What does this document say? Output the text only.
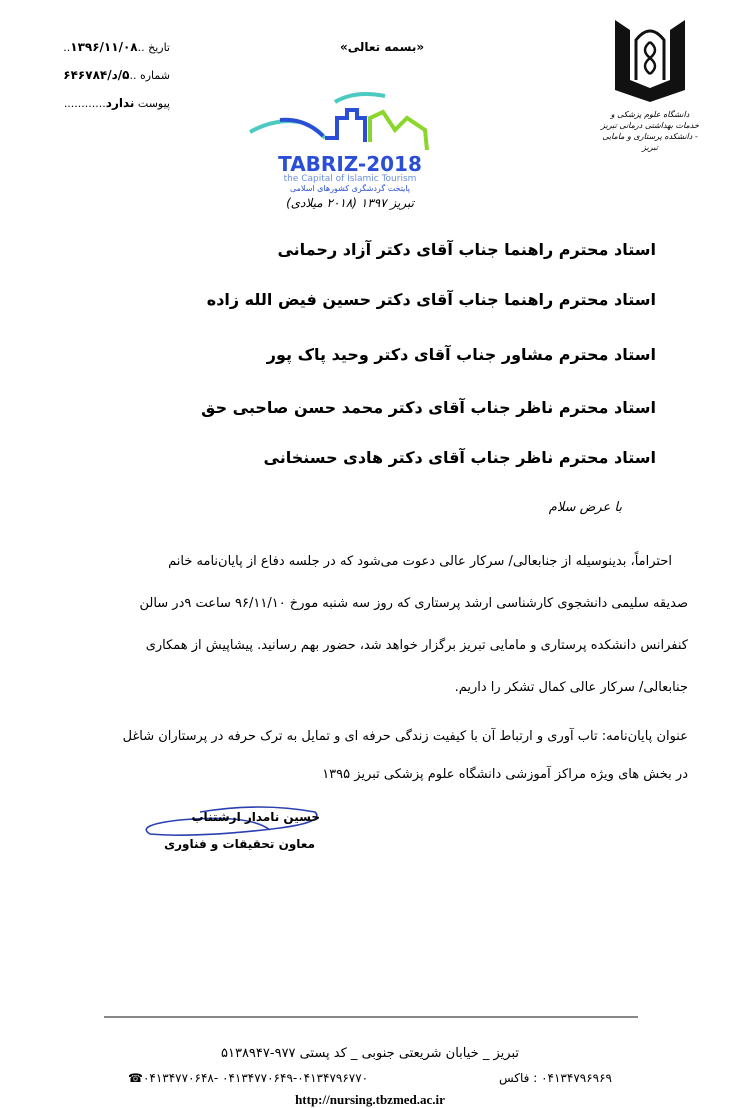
تاریخ ..۱۳۹۶/۱۱/۰۸..
شماره ..۵/د/۶۴۶۷۸۴
پیوست ندارد............
«بسمه تعالی»
TABRIZ-2018
the Capital of Islamic Tourism
پایتخت گردشگری کشورهای اسلامی
تبریز ۱۳۹۷ (۲۰۱۸ میلادی)
دانشگاه علوم پزشکی و خدمات بهداشتی درمانی تبریز - دانشکده پرستاری و مامایی تبریز
استاد محترم راهنما جناب آقای دکتر آزاد رحمانی
استاد محترم راهنما جناب آقای دکتر حسین فیض الله زاده
استاد محترم مشاور جناب آقای دکتر وحید پاک پور
استاد محترم ناظر جناب آقای دکتر محمد حسن صاحبی حق
استاد محترم ناظر جناب آقای دکتر هادی حسنخانی
با عرض سلام
احتراماً، بدینوسیله از جنابعالی/ سرکار عالی دعوت می‌شود که در جلسه دفاع از پایان‌نامه خانم
صدیقه سلیمی دانشجوی کارشناسی ارشد پرستاری که روز سه شنبه مورخ ۹۶/۱۱/۱۰ ساعت ۹در سالن
کنفرانس دانشکده پرستاری و مامایی تبریز برگزار خواهد شد، حضور بهم رسانید. پیشاپیش از همکاری
جنابعالی/ سرکار عالی کمال تشکر را داریم.
عنوان پایان‌نامه: تاب آوری و ارتباط آن با کیفیت زندگی حرفه ای و تمایل به ترک حرفه در پرستاران شاغل
در بخش های ویژه مراکز آموزشی دانشگاه علوم پزشکی تبریز ۱۳۹۵
حسین نامدار ارشتناب
معاون تحقیقات و فناوری
تبریز _ خیابان شریعتی جنوبی _ کد پستی ۹۷۷-۵۱۳۸۹۴۷
۰۴۱۳۴۷۹۶۹۶۹ : فاکس
☎۰۴۱۳۴۷۷۰۶۴۸- ۰۴۱۳۴۷۷۰۶۴۹-۰۴۱۳۴۷۹۶۷۷۰
http://nursing.tbzmed.ac.ir
